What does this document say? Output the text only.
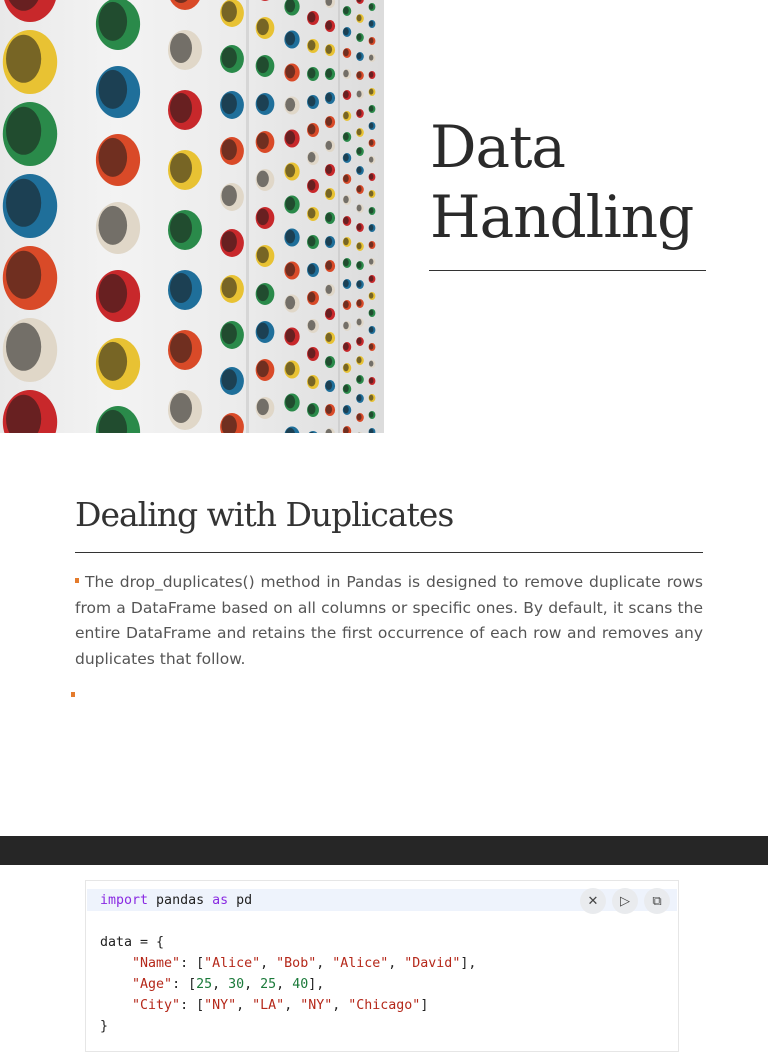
Data
Handling
Dealing with Duplicates
The drop_duplicates() method in Pandas is designed to remove duplicate rows from a DataFrame based on all columns or specific ones. By default, it scans the entire DataFrame and retains the first occurrence of each row and removes any duplicates that follow.
import pandas as pd

data = {
"Name": ["Alice", "Bob", "Alice", "David"],
"Age": [25, 30, 25, 40],
"City": ["NY", "LA", "NY", "Chicago"]
}
✕	▷	⧉
